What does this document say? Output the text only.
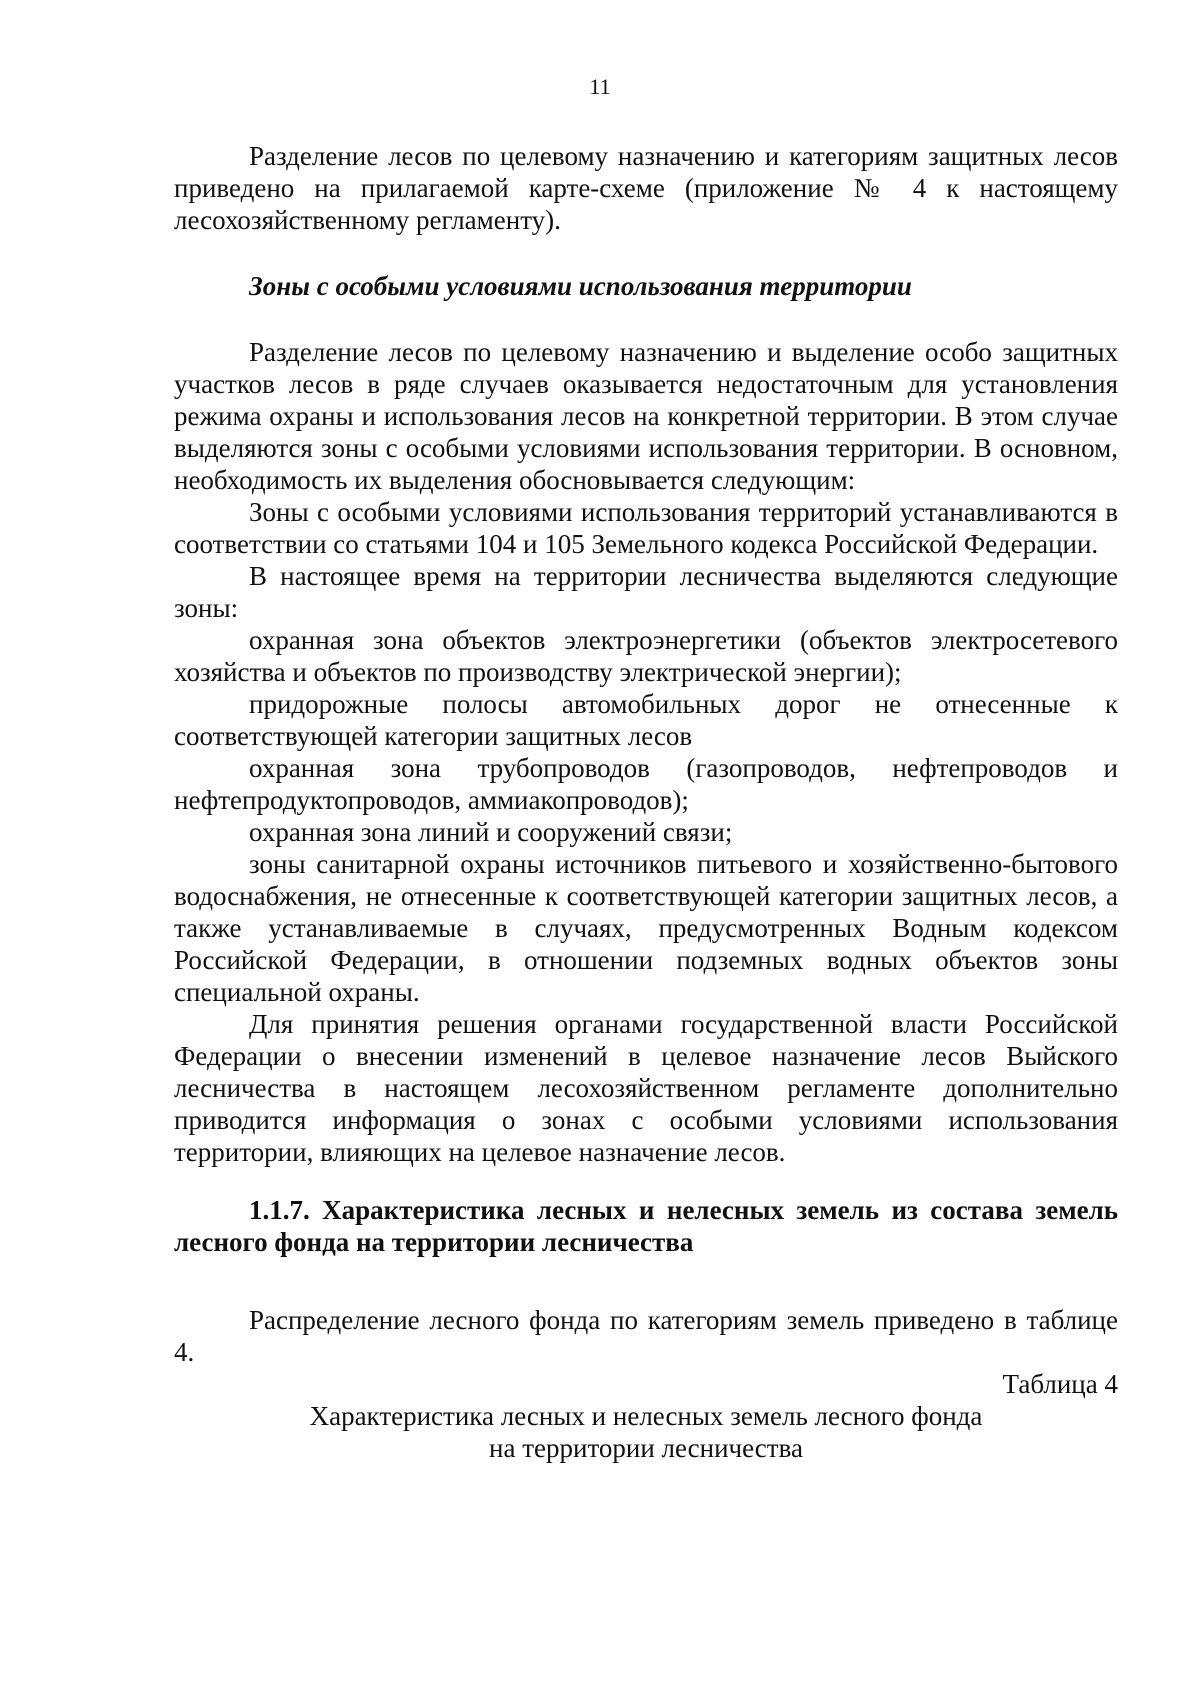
11

Разделение лесов по целевому назначению и категориям защитных лесов приведено на прилагаемой карте-схеме (приложение № 4 к настоящему лесохозяйственному регламенту).

Зоны с особыми условиями использования территории

Разделение лесов по целевому назначению и выделение особо защитных участков лесов в ряде случаев оказывается недостаточным для установления режима охраны и использования лесов на конкретной территории. В этом случае выделяются зоны с особыми условиями использования территории. В основном, необходимость их выделения обосновывается следующим:

Зоны с особыми условиями использования территорий устанавливаются в соответствии со статьями 104 и 105 Земельного кодекса Российской Федерации.

В настоящее время на территории лесничества выделяются следующие зоны:

охранная зона объектов электроэнергетики (объектов электросетевого хозяйства и объектов по производству электрической энергии);

придорожные полосы автомобильных дорог не отнесенные к соответствующей категории защитных лесов

охранная зона трубопроводов (газопроводов, нефтепроводов и нефтепродуктопроводов, аммиакопроводов);

охранная зона линий и сооружений связи;

зоны санитарной охраны источников питьевого и хозяйственно-бытового водоснабжения, не отнесенные к соответствующей категории защитных лесов, а также устанавливаемые в случаях, предусмотренных Водным кодексом Российской Федерации, в отношении подземных водных объектов зоны специальной охраны.

Для принятия решения органами государственной власти Российской Федерации о внесении изменений в целевое назначение лесов Выйского лесничества в настоящем лесохозяйственном регламенте дополнительно приводится информация о зонах с особыми условиями использования территории, влияющих на целевое назначение лесов.

1.1.7. Характеристика лесных и нелесных земель из состава земель лесного фонда на территории лесничества

Распределение лесного фонда по категориям земель приведено в таблице 4.

Таблица 4

Характеристика лесных и нелесных земель лесного фонда

на территории лесничества
